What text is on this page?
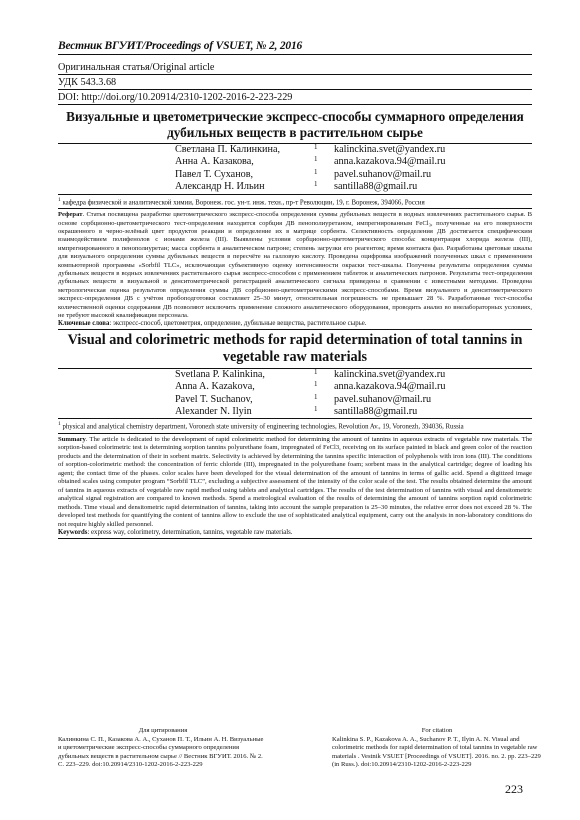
Вестник ВГУИТ/Proceedings of VSUET, № 2, 2016
Оригинальная статья/Original article
УДК 543.3.68
DOI: http://doi.org/10.20914/2310-1202-2016-2-223-229
Визуальные и цветометрические экспресс-способы суммарного определения дубильных веществ в растительном сырье
Светлана П. Калинкина,	1	kalinckina.svet@yandex.ru
Анна А. Казакова,	1	anna.kazakova.94@mail.ru
Павел Т. Суханов,	1	pavel.suhanov@mail.ru
Александр Н. Ильин	1	santilla88@gmail.ru
$^1$ кафедра физической и аналитической химии, Воронеж. гос. ун-т. инж. техн., пр-т Революции, 19, г. Воронеж, 394066, Россия
Реферат. Статья посвящена разработке цветометрического экспресс-способа определения суммы дубильных веществ в водных извлечениях растительного сырья. В основе сорбционно-цветометрического тест-определения находится сорбция ДВ пенополиуретаном, импрегнированным FeCl₃, полученные на его поверхности окрашенного в черно-зелёный цвет продуктов реакции и определение их в матрице сорбента. Селективность определения ДВ достигается специфическим взаимодействием полифенолов с ионами железа (III). Выявлены условия сорбционно-цветометрического способа: концентрация хлорида железа (III), импрегнированного в пенополиуретан; масса сорбента в аналитическом патроне; степень загрузки его реагентом; время контакта фаз. Разработаны цветовые шкалы для визуального определения суммы дубильных веществ в пересчёте на галловую кислоту. Проведена оцифровка изображений полученных шкал с применением компьютерной программы «Sorbfil TLC», исключающая субъективную оценку интенсивности окраски тест-шкалы. Получены результаты определения суммы дубильных веществ в водных извлечениях растительного сырья экспресс-способом с применением таблеток и аналитических патронов. Результаты тест-определения дубильных веществ в визуальной и денситометрической регистрацией аналитического сигнала приведены в сравнении с известными методами. Проведена метрологическая оценка результатов определения суммы ДВ сорбционно-цветометрическими экспресс-способами. Время визуального и денситометрического экспресс-определения ДВ с учётом пробоподготовки составляет 25–30 минут, относительная погрешность не превышает 28 %. Разработанные тест-способы количественной оценки содержания ДВ позволяют исключить применение сложного аналитического оборудования, проводить анализ во внелабораторных условиях, не требуют высокой квалификации персонала.
Ключевые слова: экспресс-способ, цветометрия, определение, дубильные вещества, растительное сырье.
Visual and colorimetric methods for rapid determination of total tannins in vegetable raw materials
Svetlana P. Kalinkina,	1	kalinckina.svet@yandex.ru
Anna A. Kazakova,	1	anna.kazakova.94@mail.ru
Pavel T. Suchanov,	1	pavel.suhanov@mail.ru
Alexander N. Ilyin	1	santilla88@gmail.ru
$^1$ physical and analytical chemistry department, Voronezh state university of engineering technologies, Revolution Av., 19, Voronezh, 394036, Russia
Summary. The article is dedicated to the development of rapid colorimetric method for determining the amount of tannins in aqueous extracts of vegetable raw materials. The sorption-based colorimetric test is determining sorption tannins polyurethane foam, impregnated of FeCl3, receiving on its surface painted in black and green color of the reaction products and the determination of their in sorbent matrix. Selectivity is achieved by determining the tannins specific interaction of polyphenols with iron ions (III). The conditions of sorption-colorimetric method: the concentration of ferric chloride (III), impregnated in the polyurethane foam; sorbent mass in the analytical cartridge; degree of loading his agent; the contact time of the phases. color scales have been developed for the visual determination of the amount of tannins in terms of gallic acid. Spend a digitized image obtained scales using computer program “Sorbfil TLC”, excluding a subjective assessment of the intensity of the color scale of the test. The results obtained determine the amount of tannins in aqueous extracts of vegetable raw rapid method using tablets and analytical cartridges. The results of the test determination of tannins with visual and densitometric analytical signal registration are compared to known methods. Spend a metrological evaluation of the results of determining the amount of tannins sorption rapid colorimetric methods. Time visual and densitometric rapid determination of tannins, taking into account the sample preparation is 25–30 minutes, the relative error does not exceed 28 %. The developed test methods for quantifying the content of tannins allow to exclude the use of sophisticated analytical equipment, carry out the analysis in non-laboratory conditions do not require highly skilled personnel.
Keywords: express way, colorimetry, determination, tannins, vegetable raw materials.
Для цитирования
Калинкина С. П., Казакова А. А., Суханов П. Т., Ильин А. Н. Визуальные и цветометрические экспресс-способы суммарного определения дубильных веществ в растительном сырье // Вестник ВГУИТ. 2016. № 2. С. 223–229. doi:10.20914/2310-1202-2016-2-223-229
For citation
Kalinkina S. P., Kazakova A. A., Suchanov P. T., Ilyin A. N. Visual and colorimetric methods for rapid determination of total tannins in vegetable raw materials . Vestnik VSUET [Proceedings of VSUET]. 2016. no. 2. pp. 223–229 (in Russ.). doi:10.20914/2310-1202-2016-2-223-229
223
